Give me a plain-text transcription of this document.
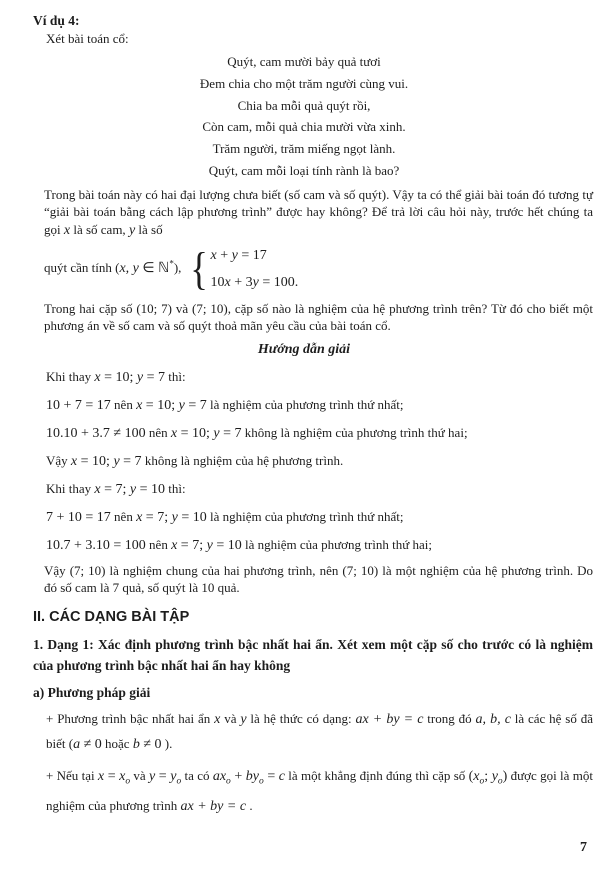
Ví dụ 4:
Xét bài toán cổ:
Quýt, cam mười bảy quả tươi
Đem chia cho một trăm người cùng vui.
Chia ba mỗi quả quýt rồi,
Còn cam, mỗi quả chia mười vừa xinh.
Trăm người, trăm miếng ngọt lành.
Quýt, cam mỗi loại tính rành là bao?

Trong bài toán này có hai đại lượng chưa biết (số cam và số quýt). Vậy ta có thể giải bài toán đó tương tự “giải bài toán bằng cách lập phương trình” được hay không? Để trả lời câu hỏi này, trước hết chúng ta gọi x là số cam, y là số

quýt cần tính (x, y ∈ ℕ*), { x + y = 17
10x + 3y = 100.

Trong hai cặp số (10; 7) và (7; 10), cặp số nào là nghiệm của hệ phương trình trên? Từ đó cho biết một phương án về số cam và số quýt thoả mãn yêu cầu của bài toán cổ.

Hướng dẫn giải
Khi thay x = 10; y = 7 thì:
10 + 7 = 17 nên x = 10; y = 7 là nghiệm của phương trình thứ nhất;
10.10 + 3.7 ≠ 100 nên x = 10; y = 7 không là nghiệm của phương trình thứ hai;
Vậy x = 10; y = 7 không là nghiệm của hệ phương trình.
Khi thay x = 7; y = 10 thì:
7 + 10 = 17 nên x = 7; y = 10 là nghiệm của phương trình thứ nhất;
10.7 + 3.10 = 100 nên x = 7; y = 10 là nghiệm của phương trình thứ hai;

Vậy (7; 10) là nghiệm chung của hai phương trình, nên (7; 10) là một nghiệm của hệ phương trình. Do đó số cam là 7 quả, số quýt là 10 quả.

II. CÁC DẠNG BÀI TẬP
1. Dạng 1: Xác định phương trình bậc nhất hai ẩn. Xét xem một cặp số cho trước có là nghiệm của phương trình bậc nhất hai ẩn hay không
a) Phương pháp giải

+ Phương trình bậc nhất hai ẩn x và y là hệ thức có dạng: ax + by = c trong đó a, b, c là các hệ số đã biết (a ≠ 0 hoặc b ≠ 0 ).

+ Nếu tại $x = x_o$ và $y = y_o$ ta có $ax_o + by_o = c$ là một khẳng định đúng thì cặp số ($x_o$; $y_o$) được gọi là một nghiệm của phương trình ax + by = c .

7
